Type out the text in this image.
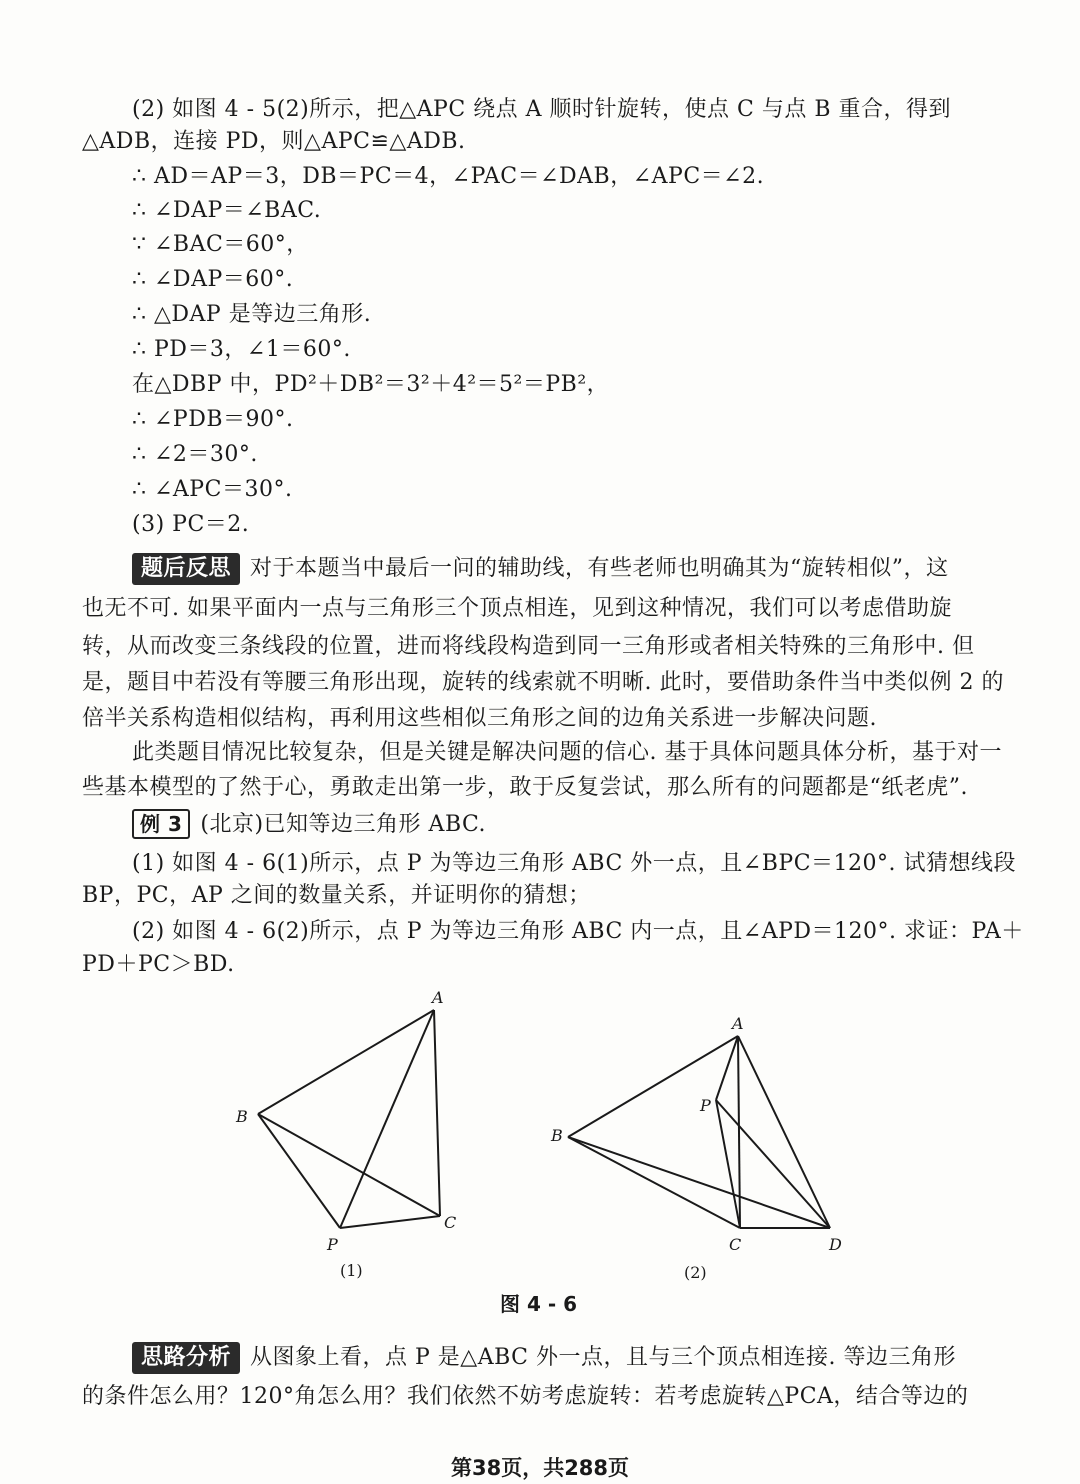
(2) 如图 4 - 5(2)所示，把△APC 绕点 A 顺时针旋转，使点 C 与点 B 重合，得到
△ADB，连接 PD，则△APC≌△ADB.
∴ AD＝AP＝3，DB＝PC＝4，∠PAC＝∠DAB，∠APC＝∠2.
∴ ∠DAP＝∠BAC.
∵ ∠BAC＝60°，
∴ ∠DAP＝60°.
∴ △DAP 是等边三角形.
∴ PD＝3，∠1＝60°.
在△DBP 中，PD²＋DB²＝3²＋4²＝5²＝PB²，
∴ ∠PDB＝90°.
∴ ∠2＝30°.
∴ ∠APC＝30°.
(3) PC＝2.
题后反思 对于本题当中最后一问的辅助线，有些老师也明确其为“旋转相似”，这
也无不可. 如果平面内一点与三角形三个顶点相连，见到这种情况，我们可以考虑借助旋
转，从而改变三条线段的位置，进而将线段构造到同一三角形或者相关特殊的三角形中. 但
是，题目中若没有等腰三角形出现，旋转的线索就不明晰. 此时，要借助条件当中类似例 2 的
倍半关系构造相似结构，再利用这些相似三角形之间的边角关系进一步解决问题.
此类题目情况比较复杂，但是关键是解决问题的信心. 基于具体问题具体分析，基于对一
些基本模型的了然于心，勇敢走出第一步，敢于反复尝试，那么所有的问题都是“纸老虎”.
例 3 (北京)已知等边三角形 ABC.
(1) 如图 4 - 6(1)所示，点 P 为等边三角形 ABC 外一点，且∠BPC＝120°. 试猜想线段
BP，PC，AP 之间的数量关系，并证明你的猜想；
(2) 如图 4 - 6(2)所示，点 P 为等边三角形 ABC 内一点，且∠APD＝120°. 求证：PA＋
PD＋PC＞BD.
A
B
C
P
(1)
A
P
B
C	D
(2)
图 4 - 6
思路分析 从图象上看，点 P 是△ABC 外一点，且与三个顶点相连接. 等边三角形
的条件怎么用？120°角怎么用？我们依然不妨考虑旋转：若考虑旋转△PCA，结合等边的
第38页，共288页
